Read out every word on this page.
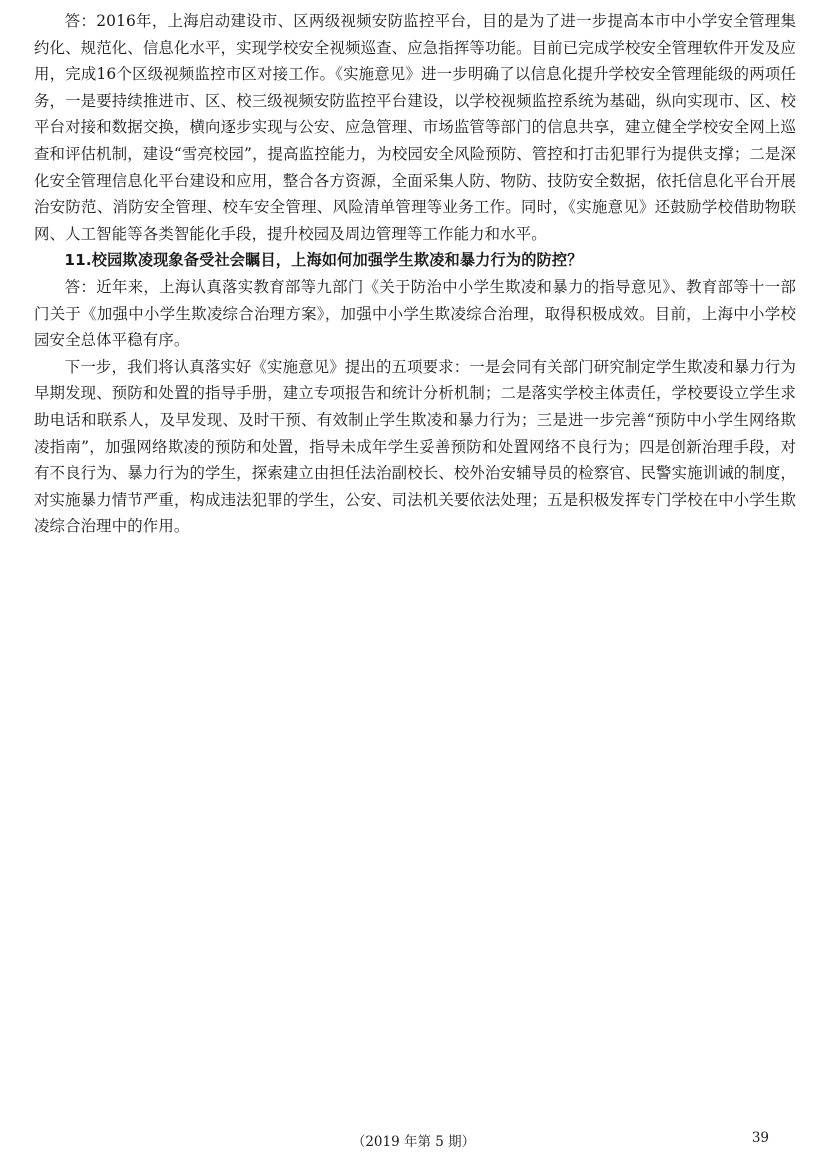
答：2016年，上海启动建设市、区两级视频安防监控平台，目的是为了进一步提高本市中小学安全管理集约化、规范化、信息化水平，实现学校安全视频巡查、应急指挥等功能。目前已完成学校安全管理软件开发及应用，完成16个区级视频监控市区对接工作。《实施意见》进一步明确了以信息化提升学校安全管理能级的两项任务，一是要持续推进市、区、校三级视频安防监控平台建设，以学校视频监控系统为基础，纵向实现市、区、校平台对接和数据交换，横向逐步实现与公安、应急管理、市场监管等部门的信息共享，建立健全学校安全网上巡查和评估机制，建设“雪亮校园”，提高监控能力，为校园安全风险预防、管控和打击犯罪行为提供支撑；二是深化安全管理信息化平台建设和应用，整合各方资源，全面采集人防、物防、技防安全数据，依托信息化平台开展治安防范、消防安全管理、校车安全管理、风险清单管理等业务工作。同时，《实施意见》还鼓励学校借助物联网、人工智能等各类智能化手段，提升校园及周边管理等工作能力和水平。

11.校园欺凌现象备受社会瞩目，上海如何加强学生欺凌和暴力行为的防控？

答：近年来，上海认真落实教育部等九部门《关于防治中小学生欺凌和暴力的指导意见》、教育部等十一部门关于《加强中小学生欺凌综合治理方案》，加强中小学生欺凌综合治理，取得积极成效。目前，上海中小学校园安全总体平稳有序。

下一步，我们将认真落实好《实施意见》提出的五项要求：一是会同有关部门研究制定学生欺凌和暴力行为早期发现、预防和处置的指导手册，建立专项报告和统计分析机制；二是落实学校主体责任，学校要设立学生求助电话和联系人，及早发现、及时干预、有效制止学生欺凌和暴力行为；三是进一步完善“预防中小学生网络欺凌指南”，加强网络欺凌的预防和处置，指导未成年学生妥善预防和处置网络不良行为；四是创新治理手段，对有不良行为、暴力行为的学生，探索建立由担任法治副校长、校外治安辅导员的检察官、民警实施训诫的制度，对实施暴力情节严重，构成违法犯罪的学生，公安、司法机关要依法处理；五是积极发挥专门学校在中小学生欺凌综合治理中的作用。

（2019 年第 5 期）	39
